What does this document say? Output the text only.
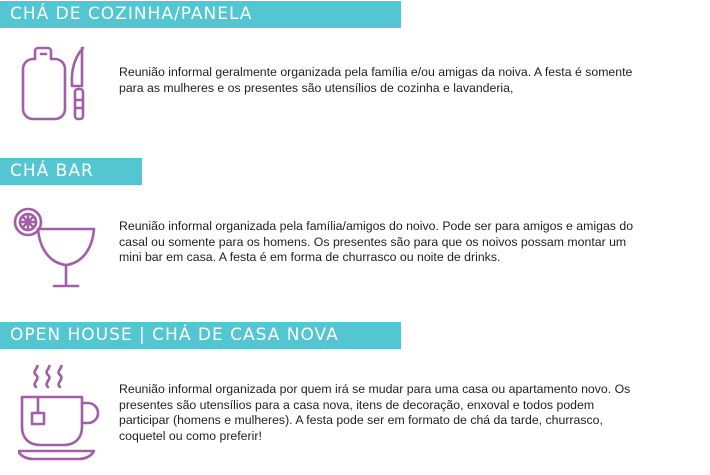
CHÁ DE COZINHA/PANELA
Reunião informal geralmente organizada pela família e/ou amigas da noiva. A festa é somente
para as mulheres e os presentes são utensílios de cozinha e lavanderia,
CHÁ BAR
Reunião informal organizada pela família/amigos do noivo. Pode ser para amigos e amigas do
casal ou somente para os homens. Os presentes são para que os noivos possam montar um
mini bar em casa. A festa é em forma de churrasco ou noite de drinks.
OPEN HOUSE | CHÁ DE CASA NOVA
Reunião informal organizada por quem irá se mudar para uma casa ou apartamento novo. Os
presentes são utensílios para a casa nova, itens de decoração, enxoval e todos podem
participar (homens e mulheres). A festa pode ser em formato de chá da tarde, churrasco,
coquetel ou como preferir!
